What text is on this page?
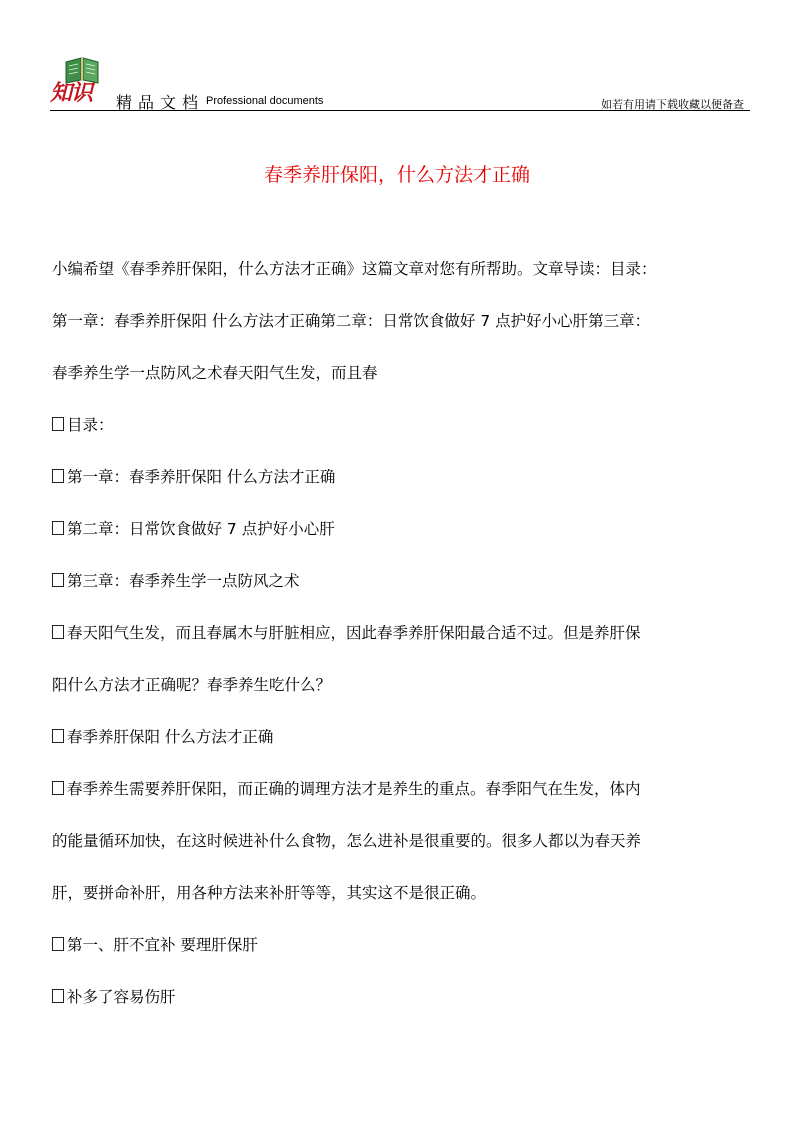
知识 精品文档 Professional documents	如若有用请下载收藏以便备查
春季养肝保阳，什么方法才正确

小编希望《春季养肝保阳，什么方法才正确》这篇文章对您有所帮助。文章导读：目录：

第一章：春季养肝保阳 什么方法才正确第二章：日常饮食做好 7 点护好小心肝第三章：

春季养生学一点防风之术春天阳气生发，而且春

目录：

第一章：春季养肝保阳 什么方法才正确

第二章：日常饮食做好 7 点护好小心肝

第三章：春季养生学一点防风之术

春天阳气生发，而且春属木与肝脏相应，因此春季养肝保阳最合适不过。但是养肝保

阳什么方法才正确呢？春季养生吃什么？

春季养肝保阳 什么方法才正确

春季养生需要养肝保阳，而正确的调理方法才是养生的重点。春季阳气在生发，体内

的能量循环加快，在这时候进补什么食物，怎么进补是很重要的。很多人都以为春天养

肝，要拼命补肝，用各种方法来补肝等等，其实这不是很正确。

第一、肝不宜补 要理肝保肝

补多了容易伤肝
